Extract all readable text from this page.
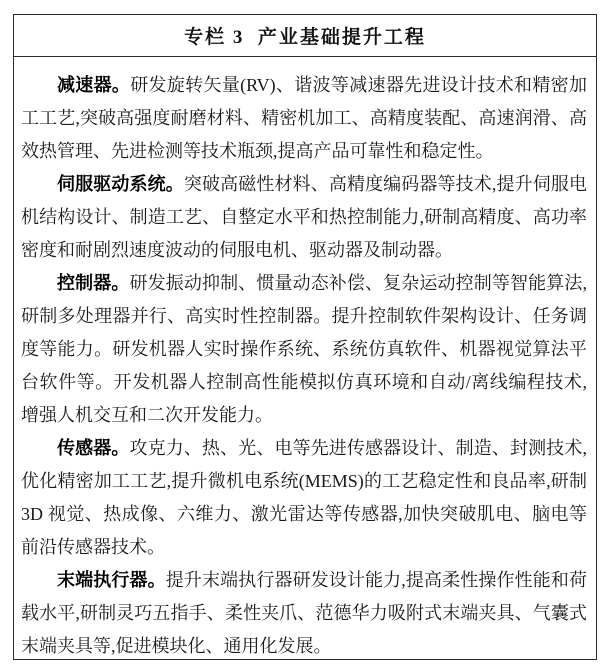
专栏 3  产业基础提升工程

减速器。研发旋转矢量(RV)、谐波等减速器先进设计技术和精密加工工艺,突破高强度耐磨材料、精密机加工、高精度装配、高速润滑、高效热管理、先进检测等技术瓶颈,提高产品可靠性和稳定性。

伺服驱动系统。突破高磁性材料、高精度编码器等技术,提升伺服电机结构设计、制造工艺、自整定水平和热控制能力,研制高精度、高功率密度和耐剧烈速度波动的伺服电机、驱动器及制动器。

控制器。研发振动抑制、惯量动态补偿、复杂运动控制等智能算法,研制多处理器并行、高实时性控制器。提升控制软件架构设计、任务调度等能力。研发机器人实时操作系统、系统仿真软件、机器视觉算法平台软件等。开发机器人控制高性能模拟仿真环境和自动/离线编程技术,增强人机交互和二次开发能力。

传感器。攻克力、热、光、电等先进传感器设计、制造、封测技术,优化精密加工工艺,提升微机电系统(MEMS)的工艺稳定性和良品率,研制 3D 视觉、热成像、六维力、激光雷达等传感器,加快突破肌电、脑电等前沿传感器技术。

末端执行器。提升末端执行器研发设计能力,提高柔性操作性能和荷载水平,研制灵巧五指手、柔性夹爪、范德华力吸附式末端夹具、气囊式末端夹具等,促进模块化、通用化发展。
